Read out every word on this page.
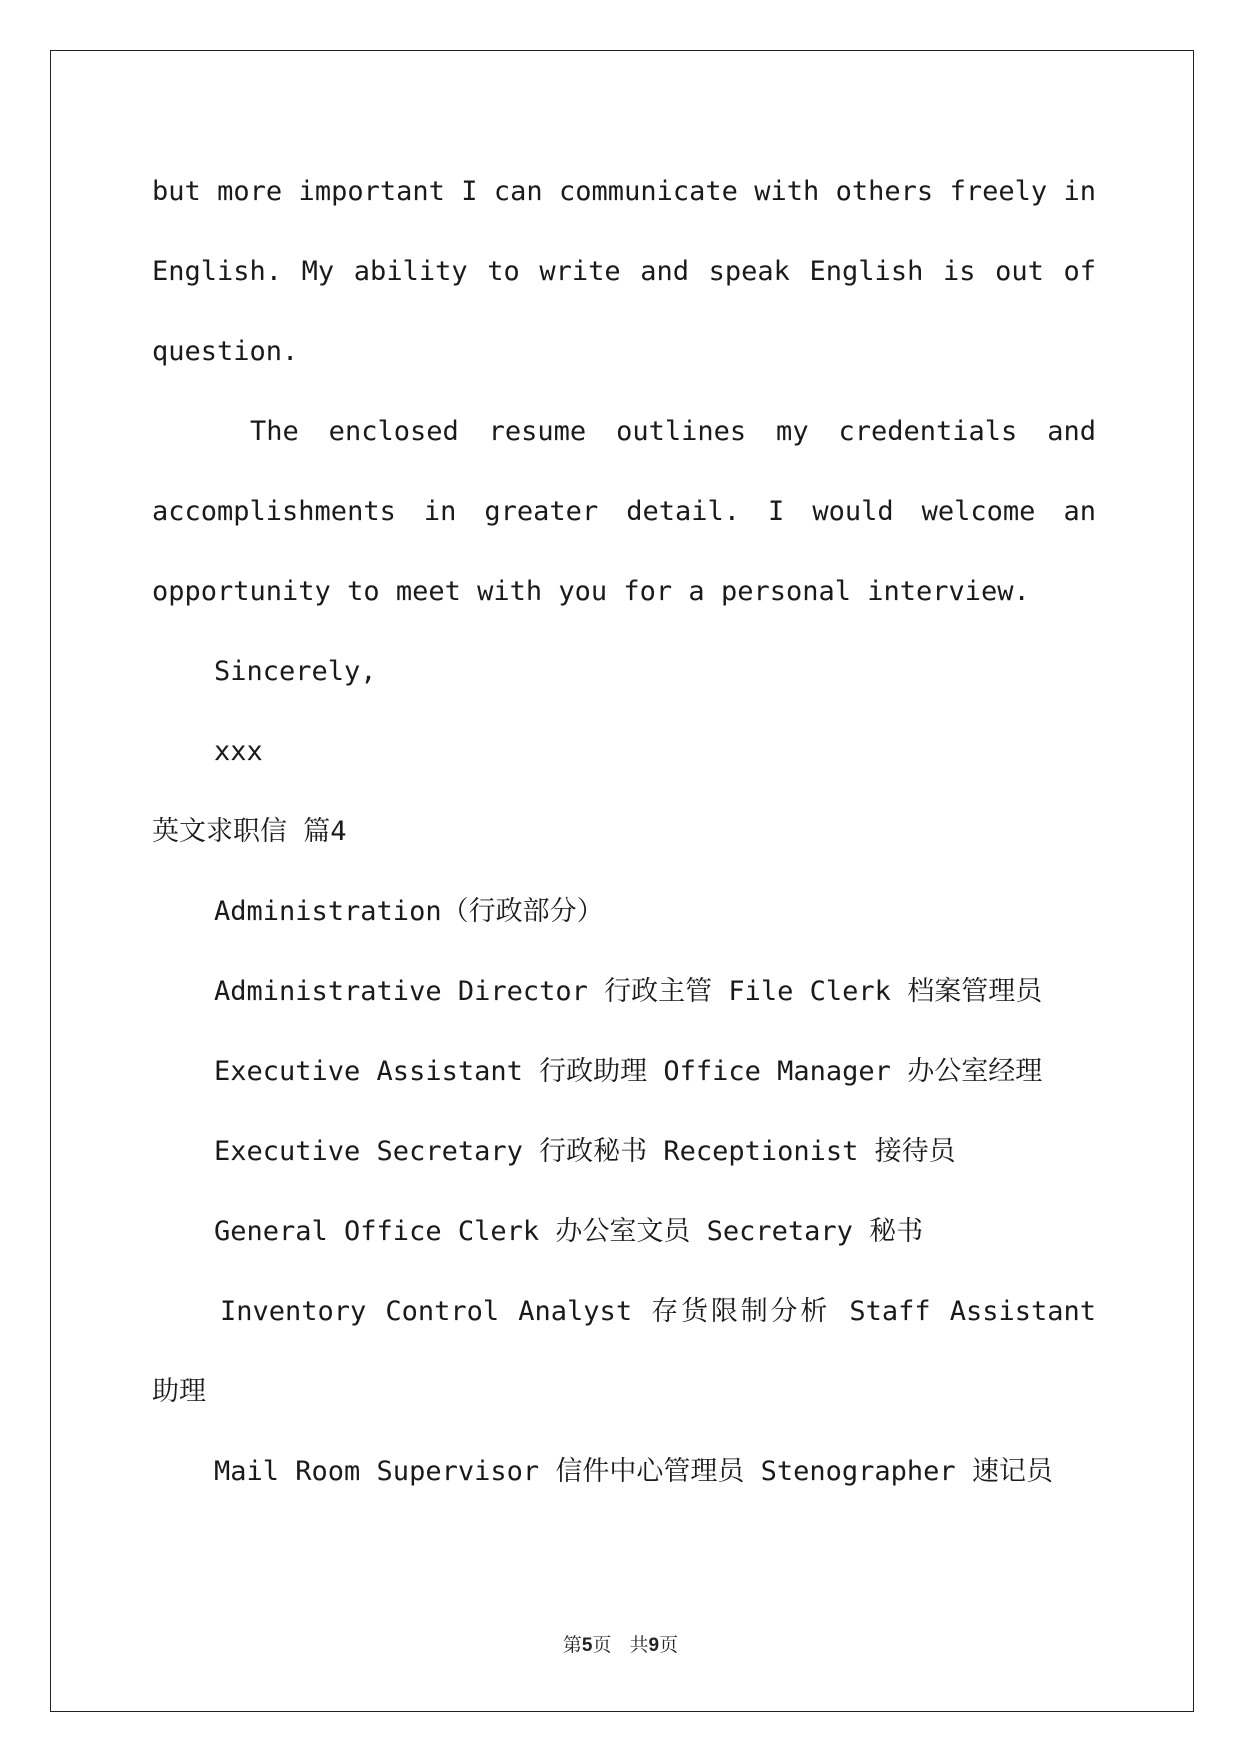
but more important I can communicate with others freely in
English. My ability to write and speak English is out of
question.
The enclosed resume outlines my credentials and
accomplishments in greater detail. I would welcome an
opportunity to meet with you for a personal interview.
Sincerely,
xxx
英文求职信 篇4
Administration（行政部分）
Administrative Director 行政主管 File Clerk 档案管理员
Executive Assistant 行政助理 Office Manager 办公室经理
Executive Secretary 行政秘书 Receptionist 接待员
General Office Clerk 办公室文员 Secretary 秘书
Inventory Control Analyst 存货限制分析 Staff Assistant
助理
Mail Room Supervisor 信件中心管理员 Stenographer 速记员
第5页 共9页
